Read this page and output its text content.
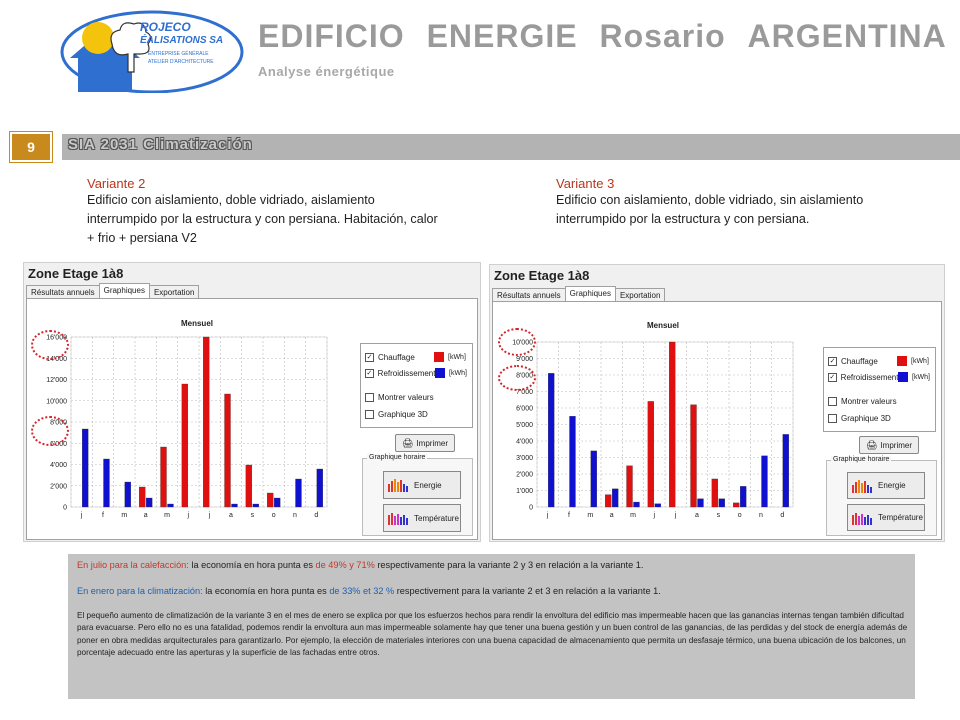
ROJECO
ÉALISATIONS SA
ENTREPRISE GÉNÉRALE
ATELIER D'ARCHITECTURE
EDIFICIO ENERGIE Rosario ARGENTINA
Analyse énergétique
SIA 2031 Climatización
9
Variante 2
Edificio con aislamiento, doble vidriado, aislamiento interrumpido por la estructura y con persiana. Habitación, calor + frio + persiana V2
Variante 3
Edificio con aislamiento, doble vidriado, sin aislamiento interrumpido por la estructura y con persiana.
Zone Etage 1à8
Résultats annuels	Graphiques	Exportation
Mensuel
0
2'000
4'000
6'000
8'000
10'000
12'000
14'000
16'000
j	f m a m	j	j	a	s	o n d
✓ Chauffage	[kWh]
✓ Refroidissement [kWh]
Montrer valeurs
Graphique 3D
🖨 Imprimer
Graphique horaire
Energie
Température
Zone Etage 1à8
Résultats annuels	Graphiques	Exportation
Mensuel
0
1'000
2'000
3'000
4'000
5'000
6'000
7'000
8'000
9'000
10'000
j	f m a m	j	j	a	s	o n d
✓ Chauffage	[kWh]
✓ Refroidissement [kWh]
Montrer valeurs
Graphique 3D
🖨 Imprimer
Graphique horaire
Energie
Température
En julio para la calefacción: la economía en hora punta es de 49% y 71% respectivamente para la variante 2 y 3 en relación a la variante 1.
En enero para la climatización: la economía en hora punta es de 33% et 32 % respectivement para la variante 2 et 3 en relación a la variante 1.
El pequeño aumento de climatización de la variante 3 en el mes de enero se explica por que los esfuerzos hechos para rendir la envoltura del edificio mas impermeable hacen que las ganancias internas tengan también dificultad para evacuarse. Pero ello no es una fatalidad, podemos rendir la envoltura aun mas impermeable solamente hay que tener una buena gestión y un buen control de las ganancias, de las perdidas y del stock de energía además de poner en obra medidas arquitecturales para garantizarlo. Por ejemplo, la elección de materiales interiores con una buena capacidad de almacenamiento que permita un desfasaje térmico, una buena ubicación de los balcones, un porcentaje adecuado entre las aperturas y la superficie de las fachadas entre otros.
